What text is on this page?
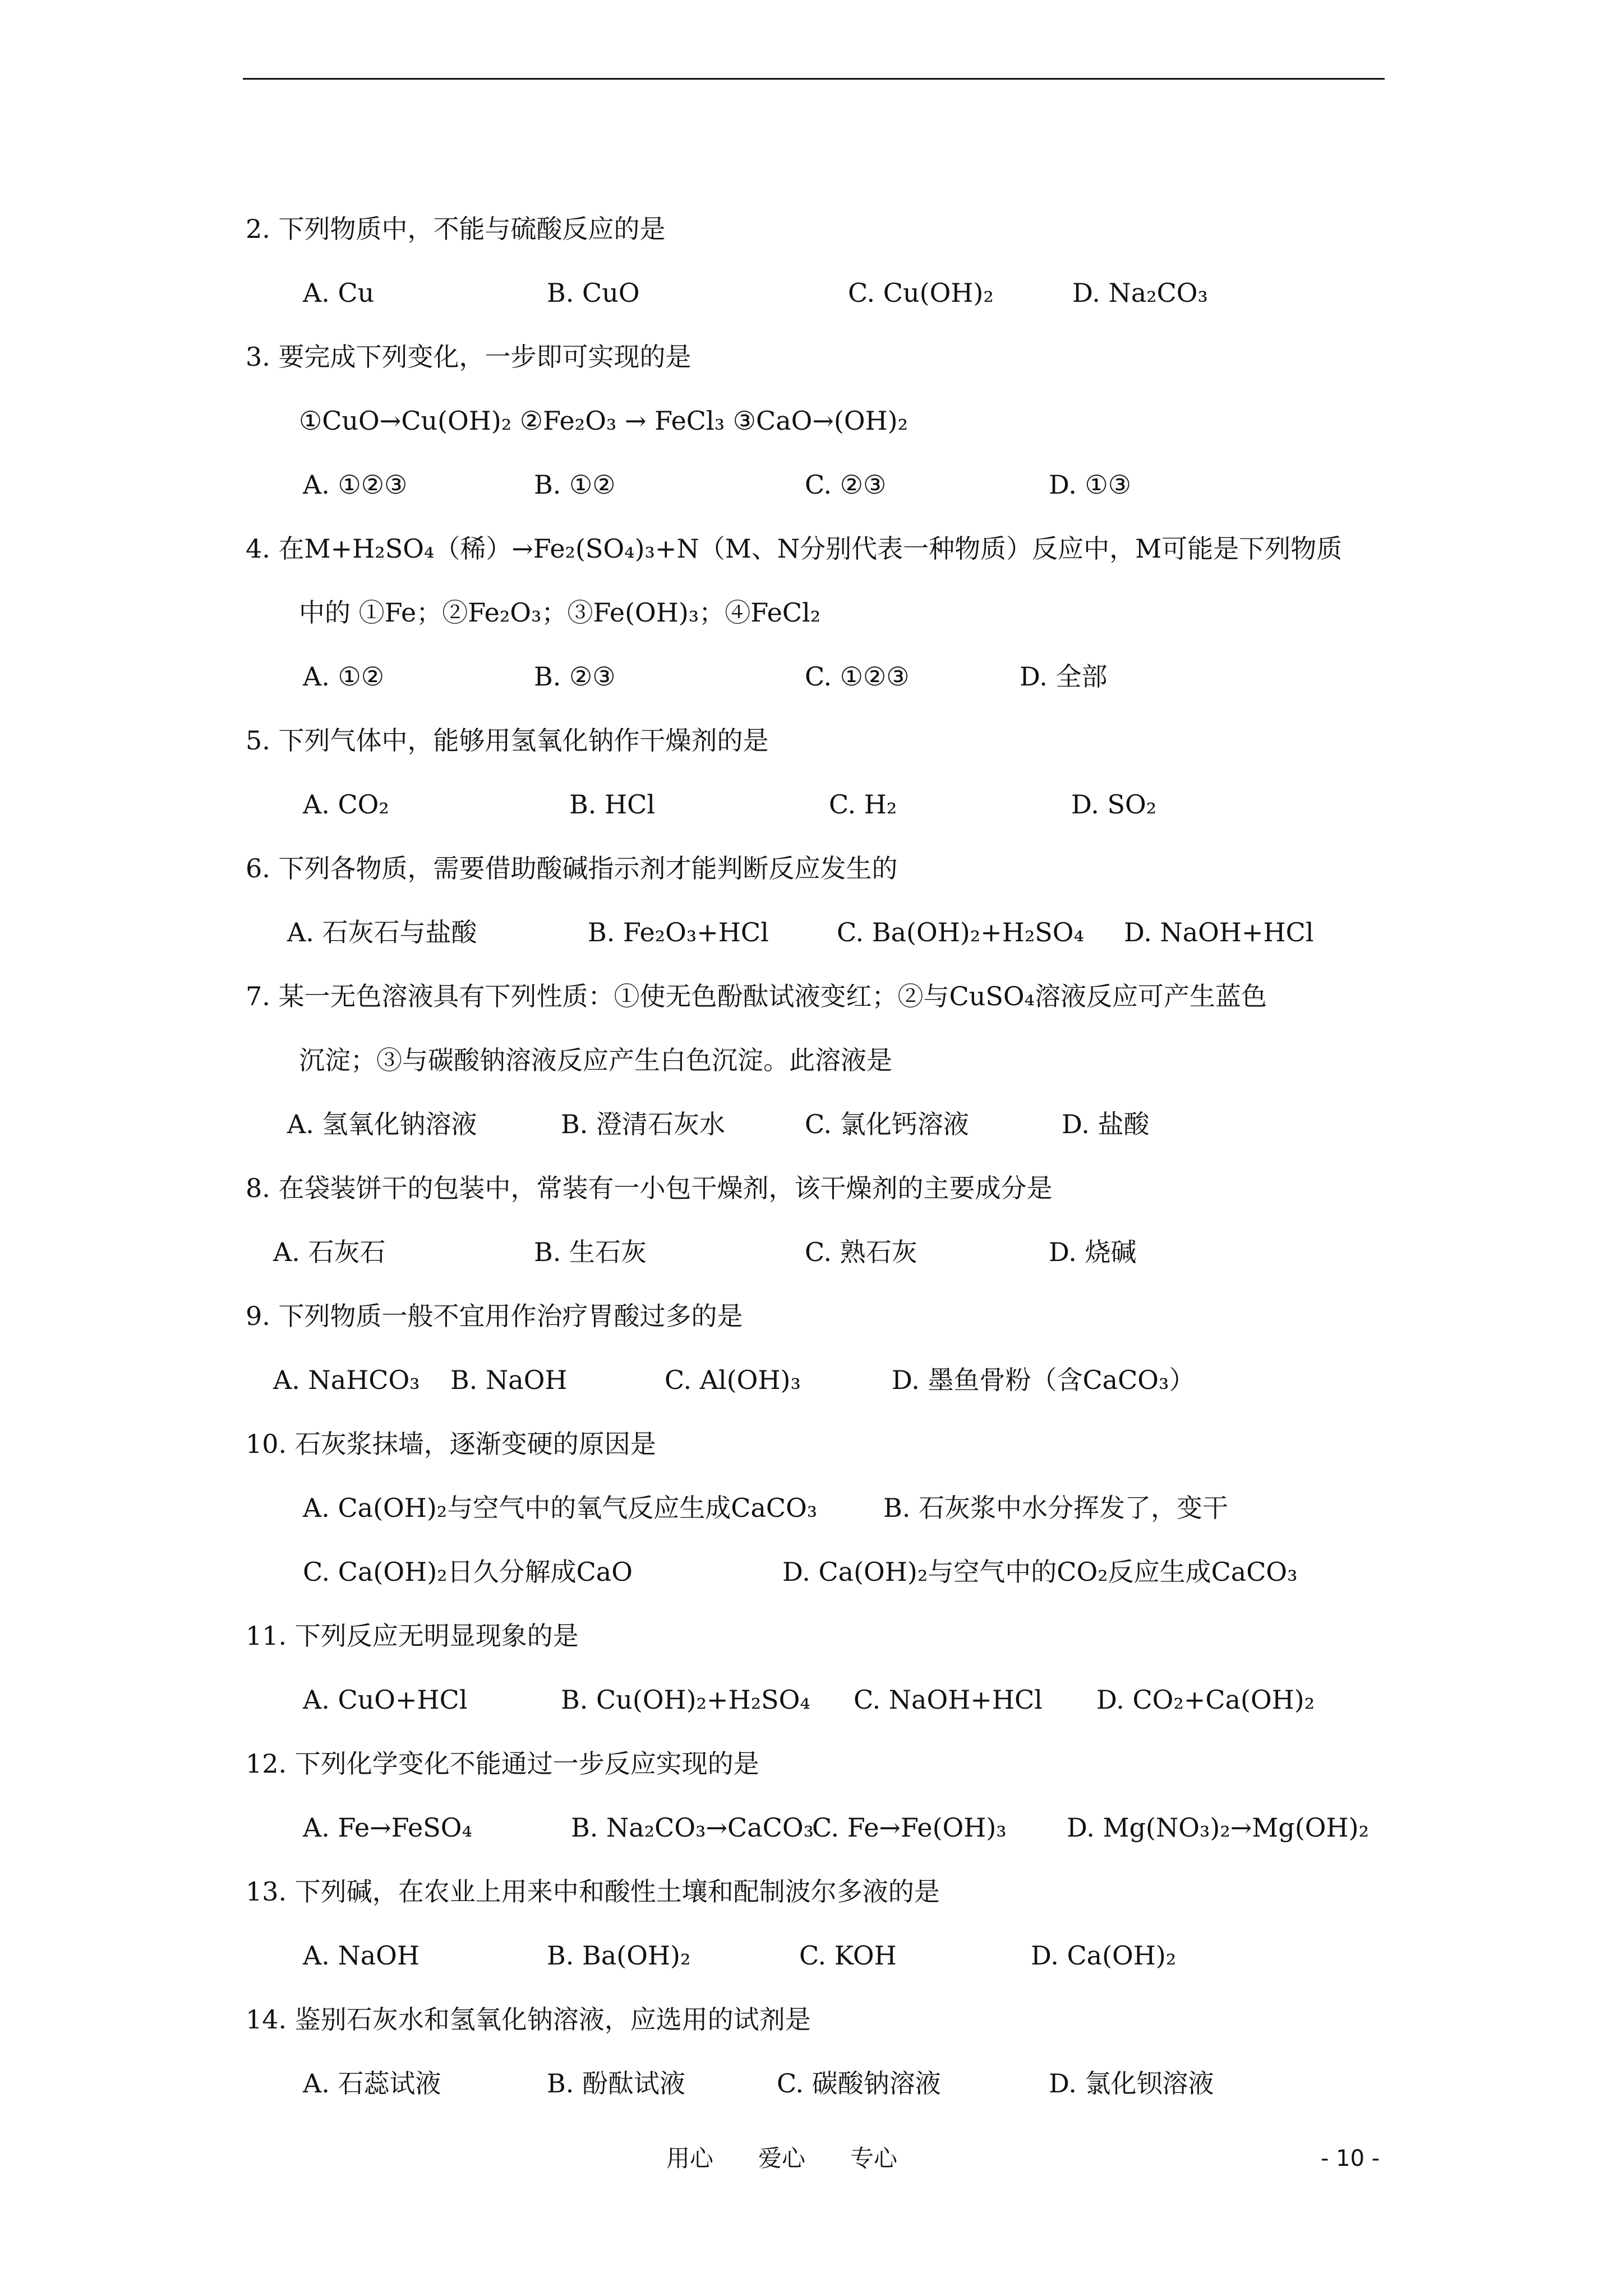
2. 下列物质中，不能与硫酸反应的是
A. Cu	B. CuO	C. Cu(OH)₂	D. Na₂CO₃
3. 要完成下列变化，一步即可实现的是
①CuO→Cu(OH)₂ ②Fe₂O₃ → FeCl₃ ③CaO→(OH)₂
A. ①②③	B. ①②	C. ②③	D. ①③
4. 在M+H₂SO₄（稀）→Fe₂(SO₄)₃+N（M、N分别代表一种物质）反应中，M可能是下列物质
中的 ①Fe；②Fe₂O₃；③Fe(OH)₃；④FeCl₂
A. ①②	B. ②③	C. ①②③	D. 全部
5. 下列气体中，能够用氢氧化钠作干燥剂的是
A. CO₂	B. HCl	C. H₂	D. SO₂
6. 下列各物质，需要借助酸碱指示剂才能判断反应发生的
A. 石灰石与盐酸	B. Fe₂O₃+HCl	C. Ba(OH)₂+H₂SO₄ D. NaOH+HCl
7. 某一无色溶液具有下列性质：①使无色酚酞试液变红；②与CuSO₄溶液反应可产生蓝色
沉淀；③与碳酸钠溶液反应产生白色沉淀。此溶液是
A. 氢氧化钠溶液	B. 澄清石灰水	C. 氯化钙溶液	D. 盐酸
8. 在袋装饼干的包装中，常装有一小包干燥剂，该干燥剂的主要成分是
A. 石灰石	B. 生石灰	C. 熟石灰	D. 烧碱
9. 下列物质一般不宜用作治疗胃酸过多的是
A. NaHCO₃ B. NaOH	C. Al(OH)₃	D. 墨鱼骨粉（含CaCO₃）
10. 石灰浆抹墙，逐渐变硬的原因是
A. Ca(OH)₂与空气中的氧气反应生成CaCO₃	B. 石灰浆中水分挥发了，变干
C. Ca(OH)₂日久分解成CaO	D. Ca(OH)₂与空气中的CO₂反应生成CaCO₃
11. 下列反应无明显现象的是
A. CuO+HCl	B. Cu(OH)₂+H₂SO₄ C. NaOH+HCl D. CO₂+Ca(OH)₂
12. 下列化学变化不能通过一步反应实现的是
A. Fe→FeSO₄	B. Na₂CO₃→CaCO₃
C. Fe→Fe(OH)₃ D. Mg(NO₃)₂→Mg(OH)₂
13. 下列碱，在农业上用来中和酸性土壤和配制波尔多液的是
A. NaOH	B. Ba(OH)₂	C. KOH	D. Ca(OH)₂
14. 鉴别石灰水和氢氧化钠溶液，应选用的试剂是
A. 石蕊试液	B. 酚酞试液	C. 碳酸钠溶液	D. 氯化钡溶液
用心 爱心 专心	- 10 -
